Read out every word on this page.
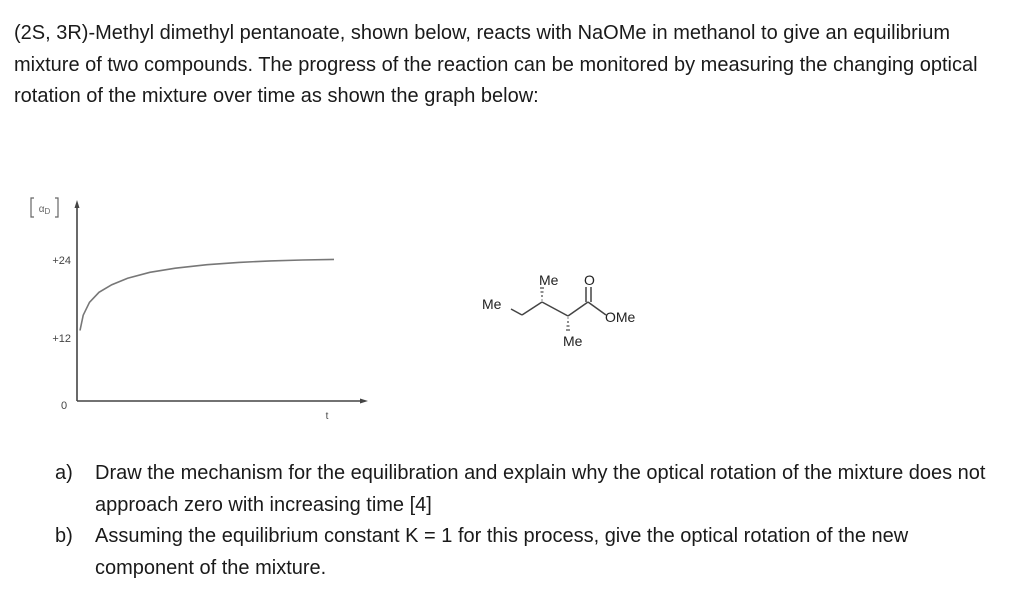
(2S, 3R)-Methyl dimethyl pentanoate, shown below, reacts with NaOMe in methanol to give an equilibrium mixture of two compounds. The progress of the reaction can be monitored by measuring the changing optical rotation of the mixture over time as shown the graph below:

$\alpha_D$
+24
+12
0
t
Me
O
OMe
Me
Me
a) Draw the mechanism for the equilibration and explain why the optical rotation of the mixture does not approach zero with increasing time [4]
b) Assuming the equilibrium constant K = 1 for this process, give the optical rotation of the new component of the mixture.
